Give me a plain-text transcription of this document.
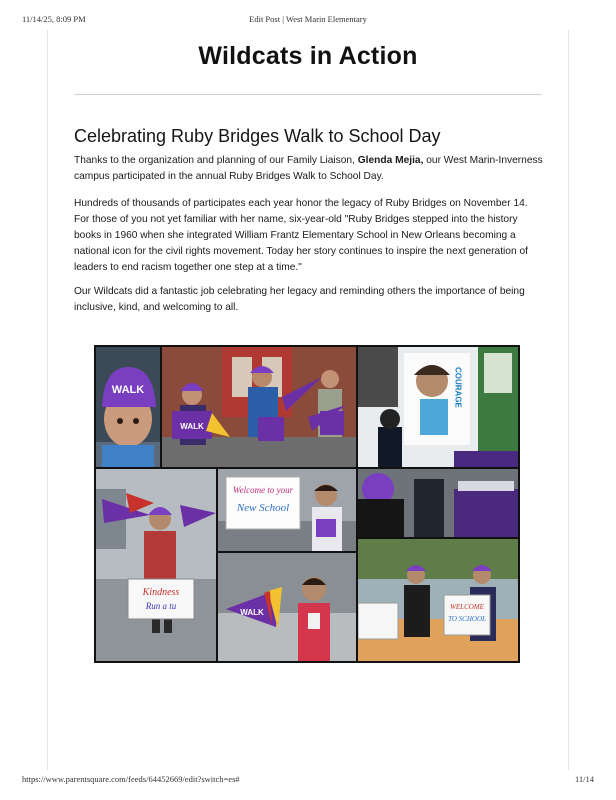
11/14/25, 8:09 PM	Edit Post | West Marin Elementary
Wildcats in Action
Celebrating Ruby Bridges Walk to School Day
Thanks to the organization and planning of our Family Liaison, Glenda Mejia, our West Marin-Inverness campus participated in the annual Ruby Bridges Walk to School Day.
Hundreds of thousands of participates each year honor the legacy of Ruby Bridges on November 14. For those of you not yet familiar with her name, six-year-old "Ruby Bridges stepped into the history books in 1960 when she integrated William Frantz Elementary School in New Orleans becoming a national icon for the civil rights movement. Today her story continues to inspire the next generation of leaders to end racism together one step at a time."
Our Wildcats did a fantastic job celebrating her legacy and reminding others the importance of being inclusive, kind, and welcoming to all.
WALK
WALK
COURAGE
Kindness
Run a tu
Welcome to your
New School
WALK
WELCOME
TO SCHOOL
https://www.parentsquare.com/feeds/64452669/edit?switch=es#	11/14
